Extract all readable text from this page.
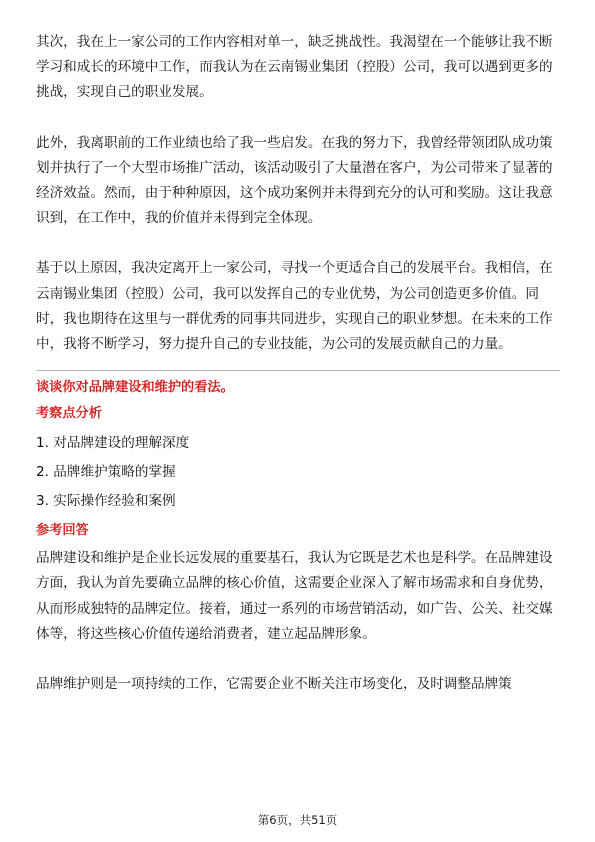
其次，我在上一家公司的工作内容相对单一，缺乏挑战性。我渴望在一个能够让我不断学习和成长的环境中工作，而我认为在云南锡业集团（控股）公司，我可以遇到更多的挑战，实现自己的职业发展。

此外，我离职前的工作业绩也给了我一些启发。在我的努力下，我曾经带领团队成功策划并执行了一个大型市场推广活动，该活动吸引了大量潜在客户，为公司带来了显著的经济效益。然而，由于种种原因，这个成功案例并未得到充分的认可和奖励。这让我意识到，在工作中，我的价值并未得到完全体现。

基于以上原因，我决定离开上一家公司，寻找一个更适合自己的发展平台。我相信，在云南锡业集团（控股）公司，我可以发挥自己的专业优势，为公司创造更多价值。同时，我也期待在这里与一群优秀的同事共同进步，实现自己的职业梦想。在未来的工作中，我将不断学习，努力提升自己的专业技能，为公司的发展贡献自己的力量。

谈谈你对品牌建设和维护的看法。

考察点分析

1. 对品牌建设的理解深度

2. 品牌维护策略的掌握

3. 实际操作经验和案例

参考回答

品牌建设和维护是企业长远发展的重要基石，我认为它既是艺术也是科学。在品牌建设方面，我认为首先要确立品牌的核心价值，这需要企业深入了解市场需求和自身优势，从而形成独特的品牌定位。接着，通过一系列的市场营销活动，如广告、公关、社交媒体等，将这些核心价值传递给消费者，建立起品牌形象。

品牌维护则是一项持续的工作，它需要企业不断关注市场变化，及时调整品牌策

第6页，共51页
